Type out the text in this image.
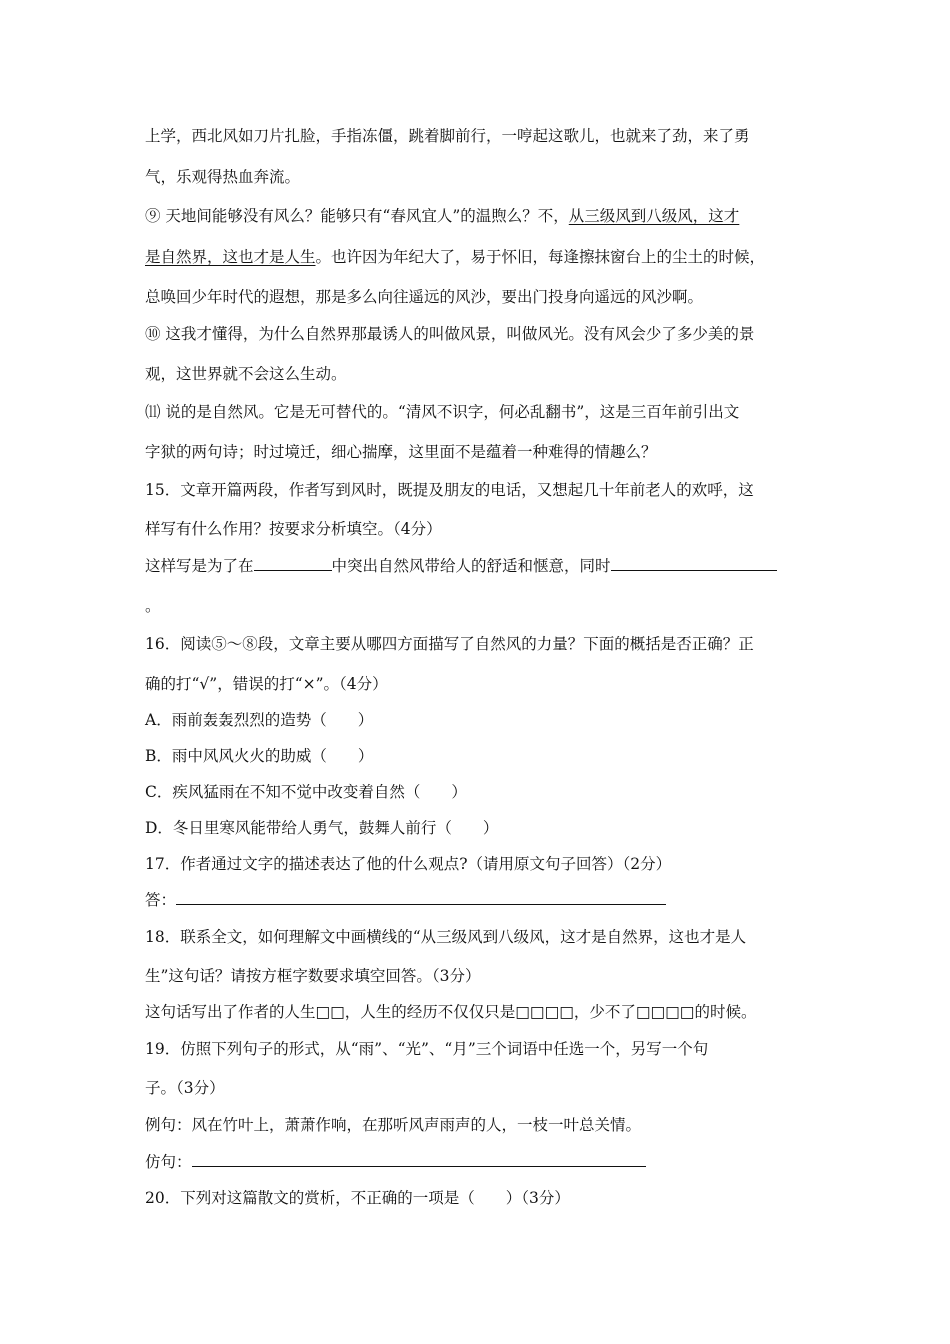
上学，西北风如刀片扎脸，手指冻僵，跳着脚前行，一哼起这歌儿，也就来了劲，来了勇
气，乐观得热血奔流。
⑨ 天地间能够没有风么？能够只有“春风宜人”的温煦么？不，从三级风到八级风，这才
是自然界，这也才是人生。也许因为年纪大了，易于怀旧，每逢擦抹窗台上的尘土的时候，
总唤回少年时代的遐想，那是多么向往遥远的风沙，要出门投身向遥远的风沙啊。
⑩ 这我才懂得，为什么自然界那最诱人的叫做风景，叫做风光。没有风会少了多少美的景
观，这世界就不会这么生动。
⑾ 说的是自然风。它是无可替代的。“清风不识字，何必乱翻书”，这是三百年前引出文
字狱的两句诗；时过境迁，细心揣摩，这里面不是蕴着一种难得的情趣么？
15．文章开篇两段，作者写到风时，既提及朋友的电话，又想起几十年前老人的欢呼，这
样写有什么作用？按要求分析填空。（4分）
这样写是为了在	中突出自然风带给人的舒适和惬意，同时
。
16．阅读⑤～⑧段，文章主要从哪四方面描写了自然风的力量？下面的概括是否正确？正
确的打“√”，错误的打“×”。（4分）
A．雨前轰轰烈烈的造势（　　）
B．雨中风风火火的助威（　　）
C．疾风猛雨在不知不觉中改变着自然（　　）
D．冬日里寒风能带给人勇气，鼓舞人前行（　　）
17．作者通过文字的描述表达了他的什么观点?（请用原文句子回答）（2分）
答：
18．联系全文，如何理解文中画横线的“从三级风到八级风，这才是自然界，这也才是人
生”这句话？请按方框字数要求填空回答。（3分）
这句话写出了作者的人生□□，人生的经历不仅仅只是□□□□，少不了□□□□的时候。
19．仿照下列句子的形式，从“雨”、“光”、“月”三个词语中任选一个，另写一个句
子。（3分）
例句：风在竹叶上，萧萧作响，在那听风声雨声的人，一枝一叶总关情。
仿句：
20．下列对这篇散文的赏析，不正确的一项是（　　）（3分）
